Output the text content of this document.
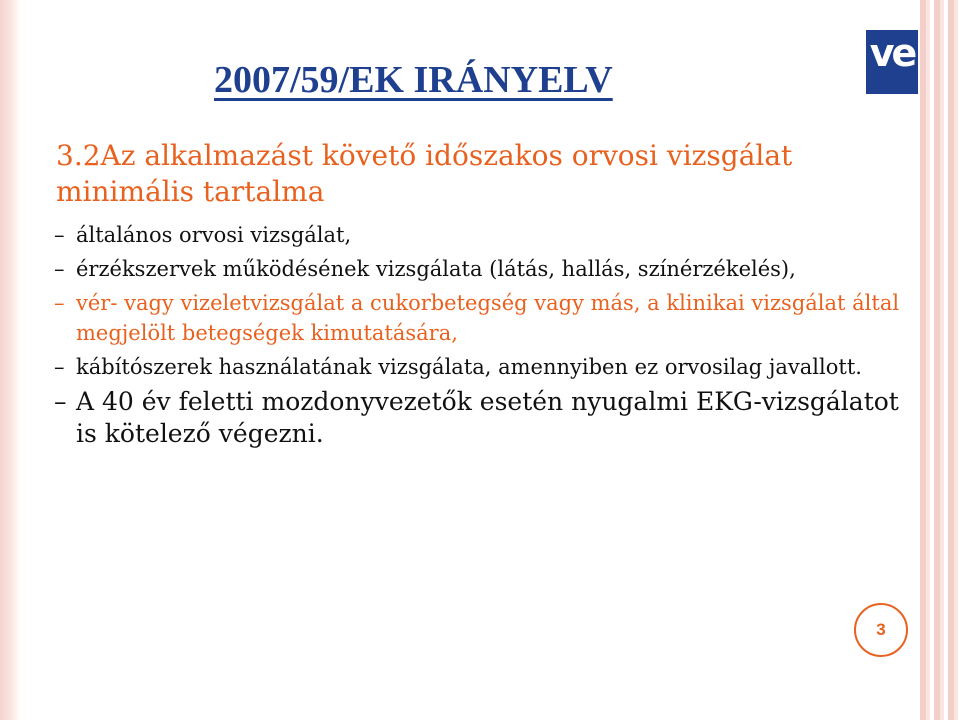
ve
2007/59/EK IRÁNYELV
3.2Az alkalmazást követő időszakos orvosi vizsgálat minimális tartalma
– általános orvosi vizsgálat,
– érzékszervek működésének vizsgálata (látás, hallás, színérzékelés),
– vér- vagy vizeletvizsgálat a cukorbetegség vagy más, a klinikai vizsgálat által megjelölt betegségek kimutatására,
– kábítószerek használatának vizsgálata, amennyiben ez orvosilag javallott.
– A 40 év feletti mozdonyvezetők esetén nyugalmi EKG-vizsgálatot is kötelező végezni.
3
